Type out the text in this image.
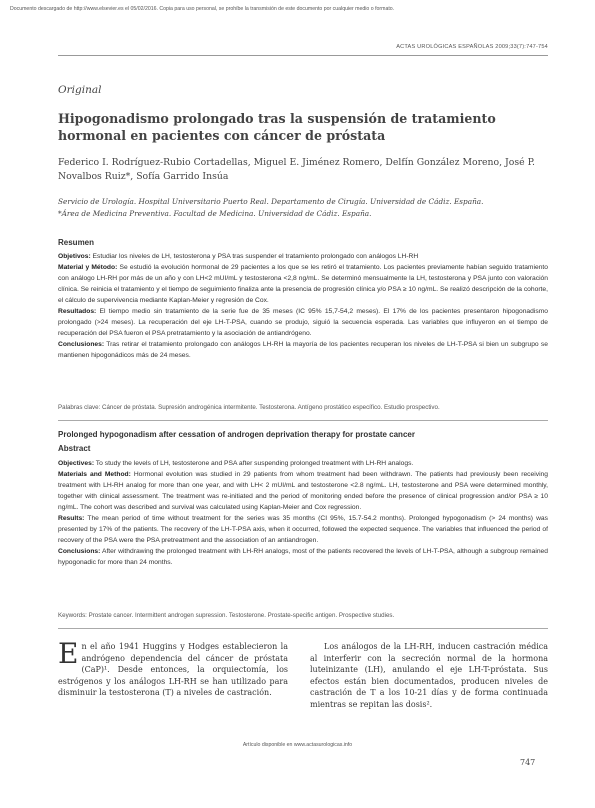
Documento descargado de http://www.elsevier.es el 05/02/2016. Copia para uso personal, se prohíbe la transmisión de este documento por cualquier medio o formato.
ACTAS UROLÓGICAS ESPAÑOLAS 2009;33(7):747-754
Original
Hipogonadismo prolongado tras la suspensión de tratamiento hormonal en pacientes con cáncer de próstata
Federico I. Rodríguez-Rubio Cortadellas, Miguel E. Jiménez Romero, Delfín González Moreno, José P. Novalbos Ruiz*, Sofía Garrido Insúa
Servicio de Urología. Hospital Universitario Puerto Real. Departamento de Cirugía. Universidad de Cádiz. España.
*Área de Medicina Preventiva. Facultad de Medicina. Universidad de Cádiz. España.
Resumen

Objetivos: Estudiar los niveles de LH, testosterona y PSA tras suspender el tratamiento prolongado con análogos LH-RH

Material y Método: Se estudió la evolución hormonal de 29 pacientes a los que se les retiró el tratamiento. Los pacientes previamente habían seguido tratamiento con análogo LH-RH por más de un año y con LH<2 mUI/mL y testosterona <2,8 ng/mL. Se determinó mensualmente la LH, testosterona y PSA junto con valoración clínica. Se reinicia el tratamiento y el tiempo de seguimiento finaliza ante la presencia de progresión clínica y/o PSA ≥ 10 ng/mL. Se realizó descripción de la cohorte, el cálculo de supervivencia mediante Kaplan-Meier y regresión de Cox.

Resultados: El tiempo medio sin tratamiento de la serie fue de 35 meses (IC 95% 15,7-54,2 meses). El 17% de los pacientes presentaron hipogonadismo prolongado (>24 meses). La recuperación del eje LH-T-PSA, cuando se produjo, siguió la secuencia esperada. Las variables que influyeron en el tiempo de recuperación del PSA fueron el PSA pretratamiento y la asociación de antiandrógeno.

Conclusiones: Tras retirar el tratamiento prolongado con análogos LH-RH la mayoría de los pacientes recuperan los niveles de LH-T-PSA si bien un subgrupo se mantienen hipogonádicos más de 24 meses.

Palabras clave: Cáncer de próstata. Supresión androgénica intermitente. Testosterona. Antígeno prostático específico. Estudio prospectivo.
Prolonged hypogonadism after cessation of androgen deprivation therapy for prostate cancer
Abstract

Objectives: To study the levels of LH, testosterone and PSA after suspending prolonged treatment with LH-RH analogs.

Materials and Method: Hormonal evolution was studied in 29 patients from whom treatment had been withdrawn. The patients had previously been receiving treatment with LH-RH analog for more than one year, and with LH< 2 mUI/mL and testosterone <2.8 ng/mL. LH, testosterone and PSA were determined monthly, together with clinical assessment. The treatment was re-initiated and the period of monitoring ended before the presence of clinical progression and/or PSA ≥ 10 ng/mL. The cohort was described and survival was calculated using Kaplan-Meier and Cox regression.

Results: The mean period of time without treatment for the series was 35 months (CI 95%, 15.7-54.2 months). Prolonged hypogonadism (> 24 months) was presented by 17% of the patients. The recovery of the LH-T-PSA axis, when it occurred, followed the expected sequence. The variables that influenced the period of recovery of the PSA were the PSA pretreatment and the association of an antiandrogen.

Conclusions: After withdrawing the prolonged treatment with LH-RH analogs, most of the patients recovered the levels of LH-T-PSA, although a subgroup remained hypogonadic for more than 24 months.

Keywords: Prostate cancer. Intermittent androgen supression. Testosterone. Prostate-specific antigen. Prospective studies.

En el año 1941 Huggins y Hodges establecieron la andrógeno dependencia del cáncer de próstata (CaP)¹. Desde entonces, la orquiectomía, los estrógenos y los análogos LH-RH se han utilizado para disminuir la testosterona (T) a niveles de castración.

Los análogos de la LH-RH, inducen castración médica al interferir con la secreción normal de la hormona luteinizante (LH), anulando el eje LH-T-próstata. Sus efectos están bien documentados, producen niveles de castración de T a los 10-21 días y de forma continuada mientras se repitan las dosis².

Artículo disponible en www.actasurologicas.info
747
